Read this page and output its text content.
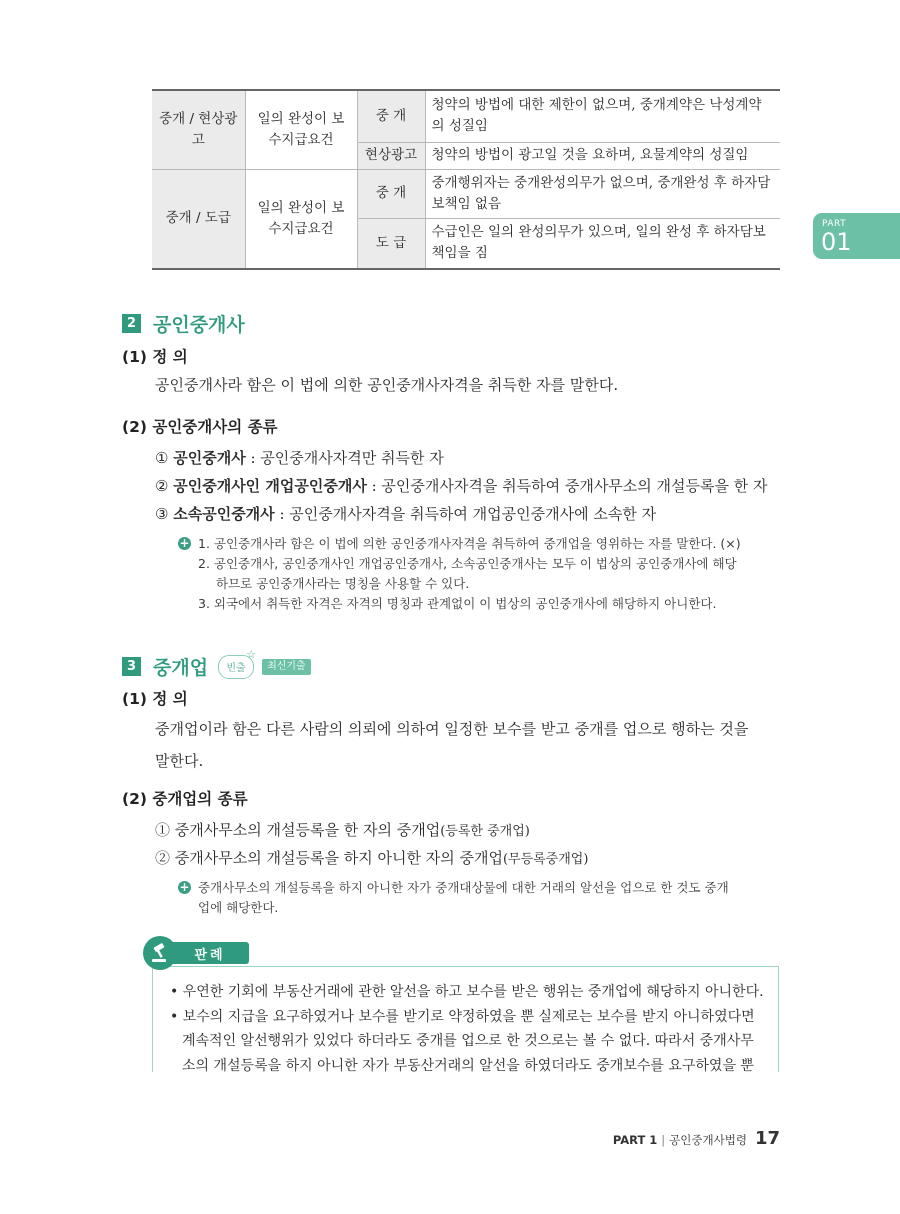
중개 / 현상광고	일의 완성이 보수지급요건	중 개	청약의 방법에 대한 제한이 없으며, 중개계약은 낙성계약의 성질임
		현상광고	청약의 방법이 광고일 것을 요하며, 요물계약의 성질임
중개 / 도급	일의 완성이 보수지급요건	중 개	중개행위자는 중개완성의무가 없으며, 중개완성 후 하자담보책임 없음
		도 급	수급인은 일의 완성의무가 있으며, 일의 완성 후 하자담보책임을 짐
PART
01
2 공인중개사
(1) 정 의
공인중개사라 함은 이 법에 의한 공인중개사자격을 취득한 자를 말한다.
(2) 공인중개사의 종류
① 공인중개사 : 공인중개사자격만 취득한 자
② 공인중개사인 개업공인중개사 : 공인중개사자격을 취득하여 중개사무소의 개설등록을 한 자
③ 소속공인중개사 : 공인중개사자격을 취득하여 개업공인중개사에 소속한 자
+ 1. 공인중개사라 함은 이 법에 의한 공인중개사자격을 취득하여 중개업을 영위하는 자를 말한다. (×)
2. 공인중개사, 공인중개사인 개업공인중개사, 소속공인중개사는 모두 이 법상의 공인중개사에 해당
하므로 공인중개사라는 명칭을 사용할 수 있다.
3. 외국에서 취득한 자격은 자격의 명칭과 관계없이 이 법상의 공인중개사에 해당하지 아니한다.
3 중개업 빈출
☆
최신기출
(1) 정 의
중개업이라 함은 다른 사람의 의뢰에 의하여 일정한 보수를 받고 중개를 업으로 행하는 것을
말한다.
(2) 중개업의 종류
① 중개사무소의 개설등록을 한 자의 중개업(등록한 중개업)
② 중개사무소의 개설등록을 하지 아니한 자의 중개업(무등록중개업)
+ 중개사무소의 개설등록을 하지 아니한 자가 중개대상물에 대한 거래의 알선을 업으로 한 것도 중개
업에 해당한다.
판례
• 우연한 기회에 부동산거래에 관한 알선을 하고 보수를 받은 행위는 중개업에 해당하지 아니한다.
• 보수의 지급을 요구하였거나 보수를 받기로 약정하였을 뿐 실제로는 보수를 받지 아니하였다면
계속적인 알선행위가 있었다 하더라도 중개를 업으로 한 것으로는 볼 수 없다. 따라서 중개사무
소의 개설등록을 하지 아니한 자가 부동산거래의 알선을 하였더라도 중개보수를 요구하였을 뿐
PART 1 | 공인중개사법령 17
